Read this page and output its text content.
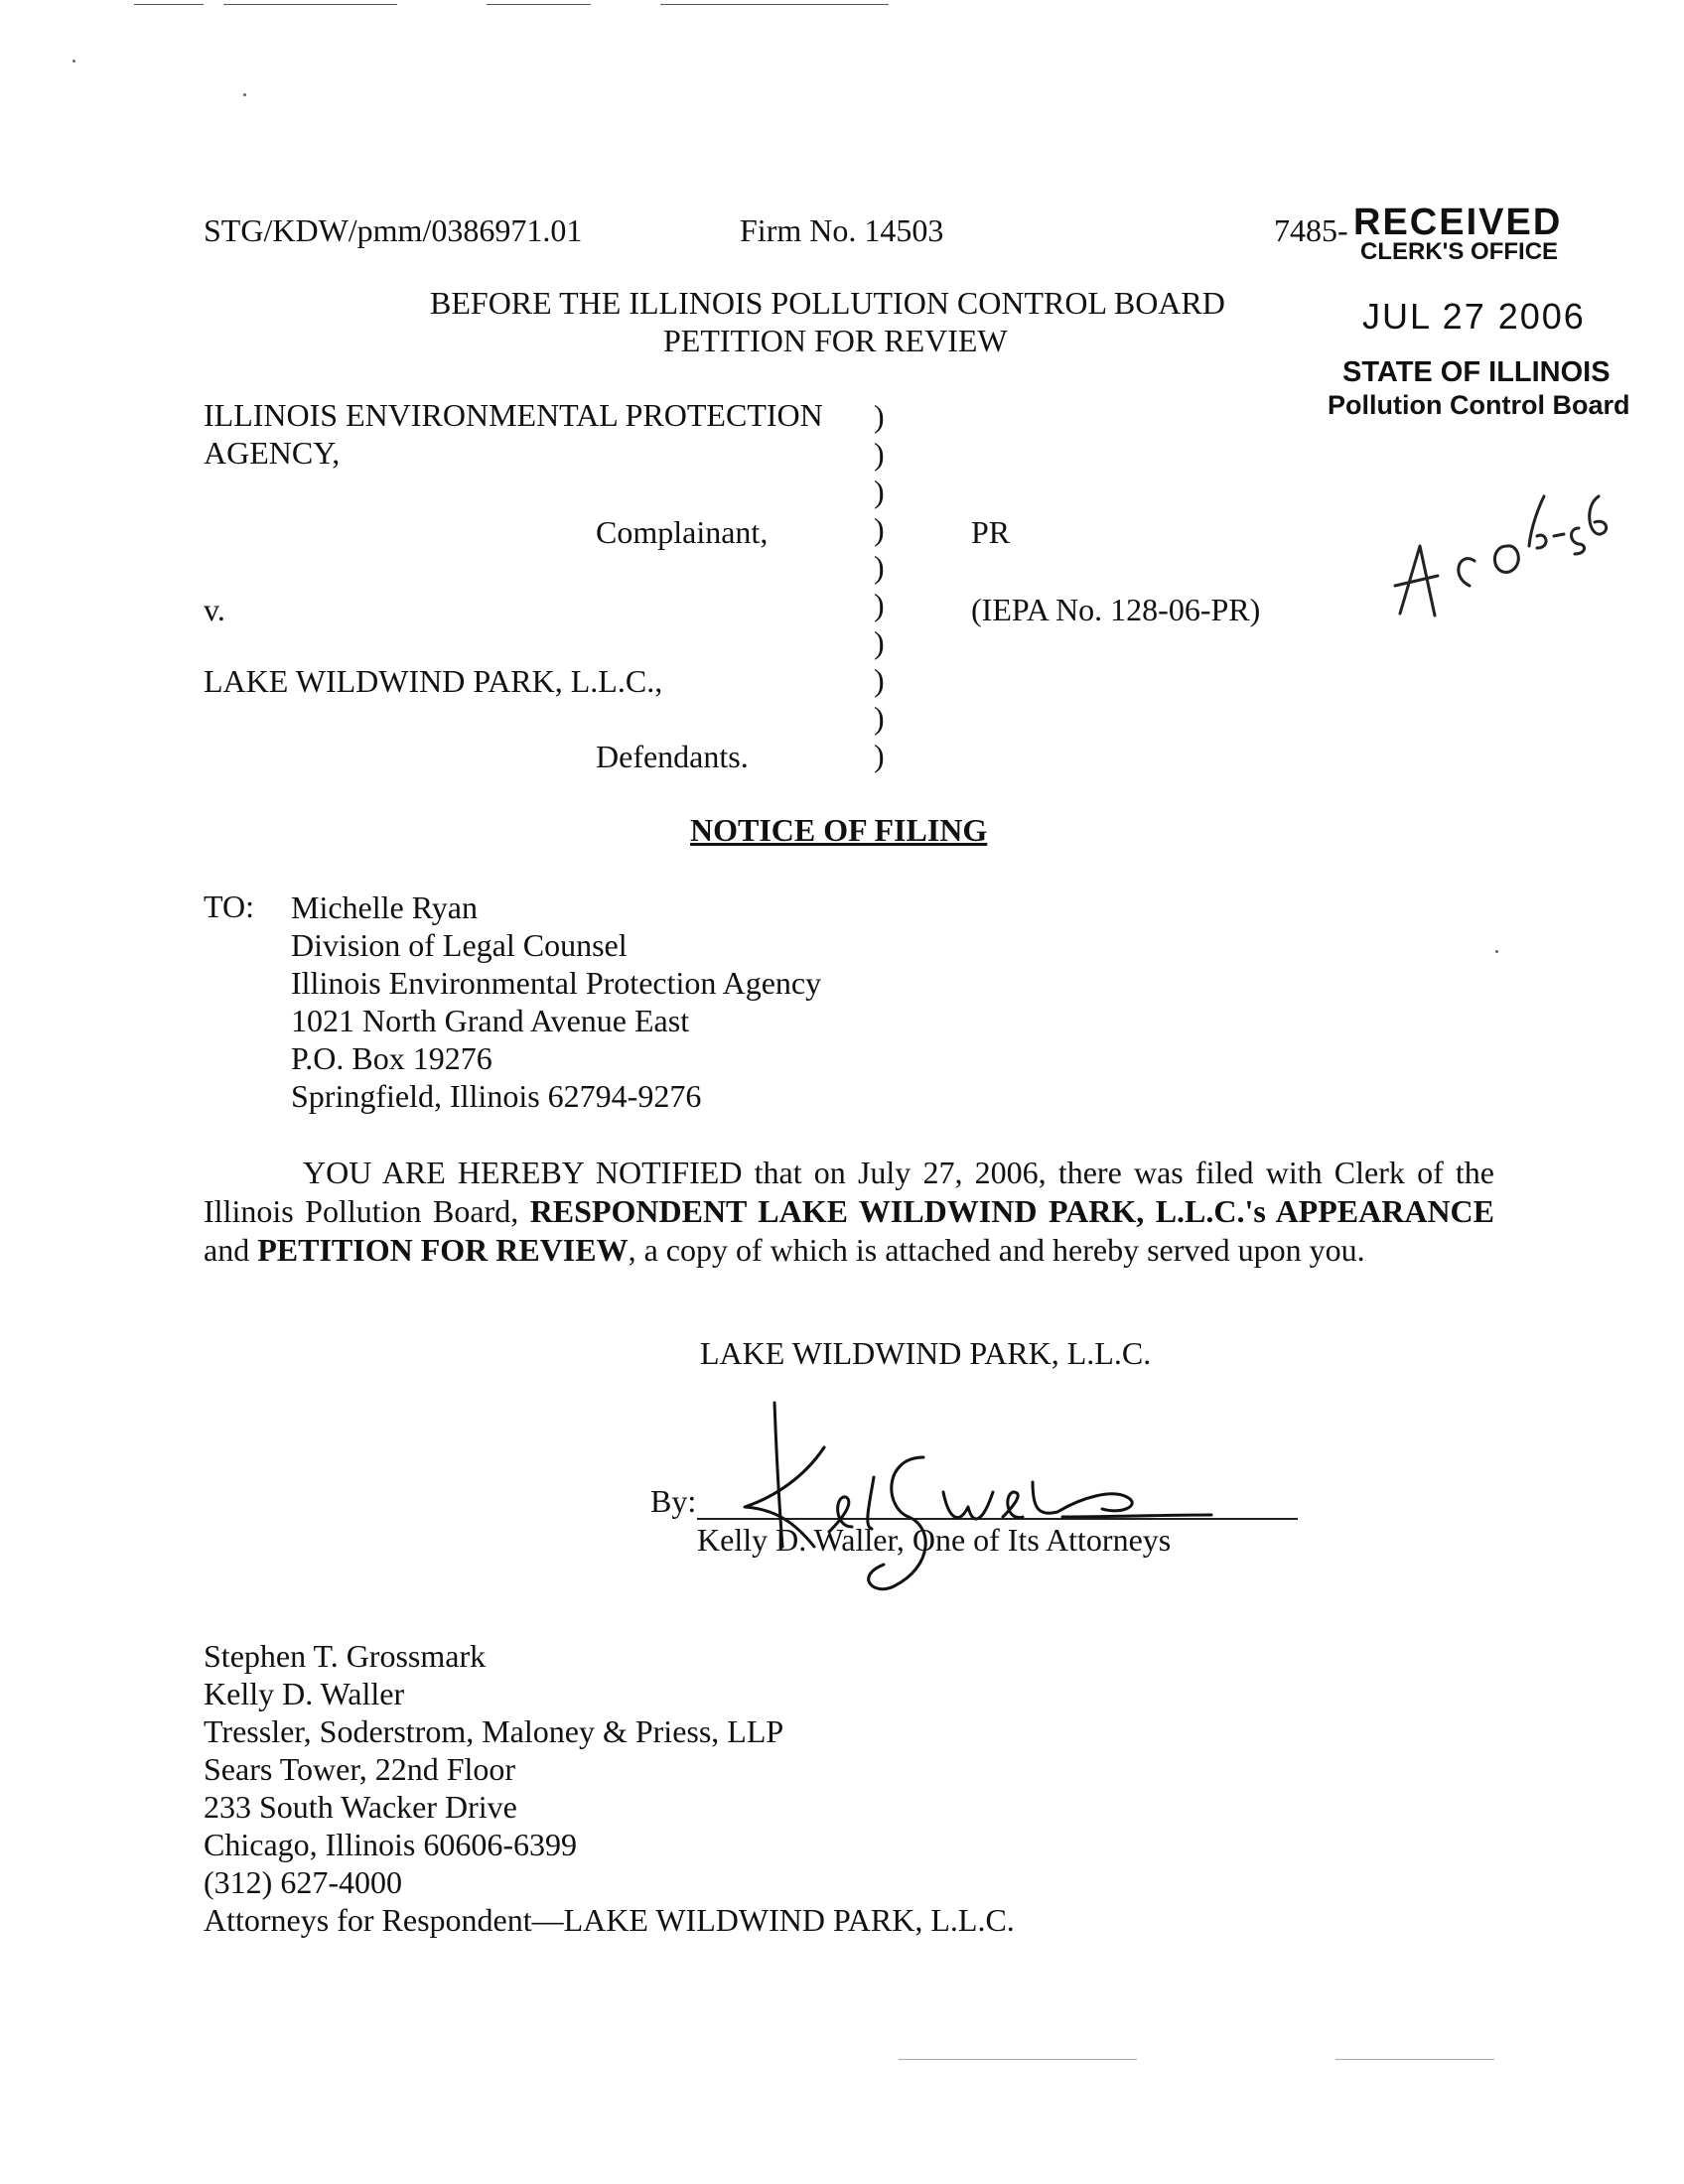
STG/KDW/pmm/0386971.01	Firm No. 14503	7485- RECEIVED
CLERK'S OFFICE
JUL 27 2006
STATE OF ILLINOIS
Pollution Control Board
BEFORE THE ILLINOIS POLLUTION CONTROL BOARD
PETITION FOR REVIEW
ILLINOIS ENVIRONMENTAL PROTECTION
AGENCY,
Complainant,
v.
LAKE WILDWIND PARK, L.L.C.,
Defendants.
PR
(IEPA No. 128-06-PR)
)
)
)
)
)
)
)
)
)
)
NOTICE OF FILING
TO: Michelle Ryan
Division of Legal Counsel
Illinois Environmental Protection Agency
1021 North Grand Avenue East
P.O. Box 19276
Springfield, Illinois 62794-9276

YOU ARE HEREBY NOTIFIED that on July 27, 2006, there was filed with Clerk of the Illinois Pollution Board, RESPONDENT LAKE WILDWIND PARK, L.L.C.'s APPEARANCE and PETITION FOR REVIEW, a copy of which is attached and hereby served upon you.

LAKE WILDWIND PARK, L.L.C.
By:
Kelly D. Waller, One of Its Attorneys
Stephen T. Grossmark
Kelly D. Waller
Tressler, Soderstrom, Maloney & Priess, LLP
Sears Tower, 22nd Floor
233 South Wacker Drive
Chicago, Illinois 60606-6399
(312) 627-4000
Attorneys for Respondent—LAKE WILDWIND PARK, L.L.C.
